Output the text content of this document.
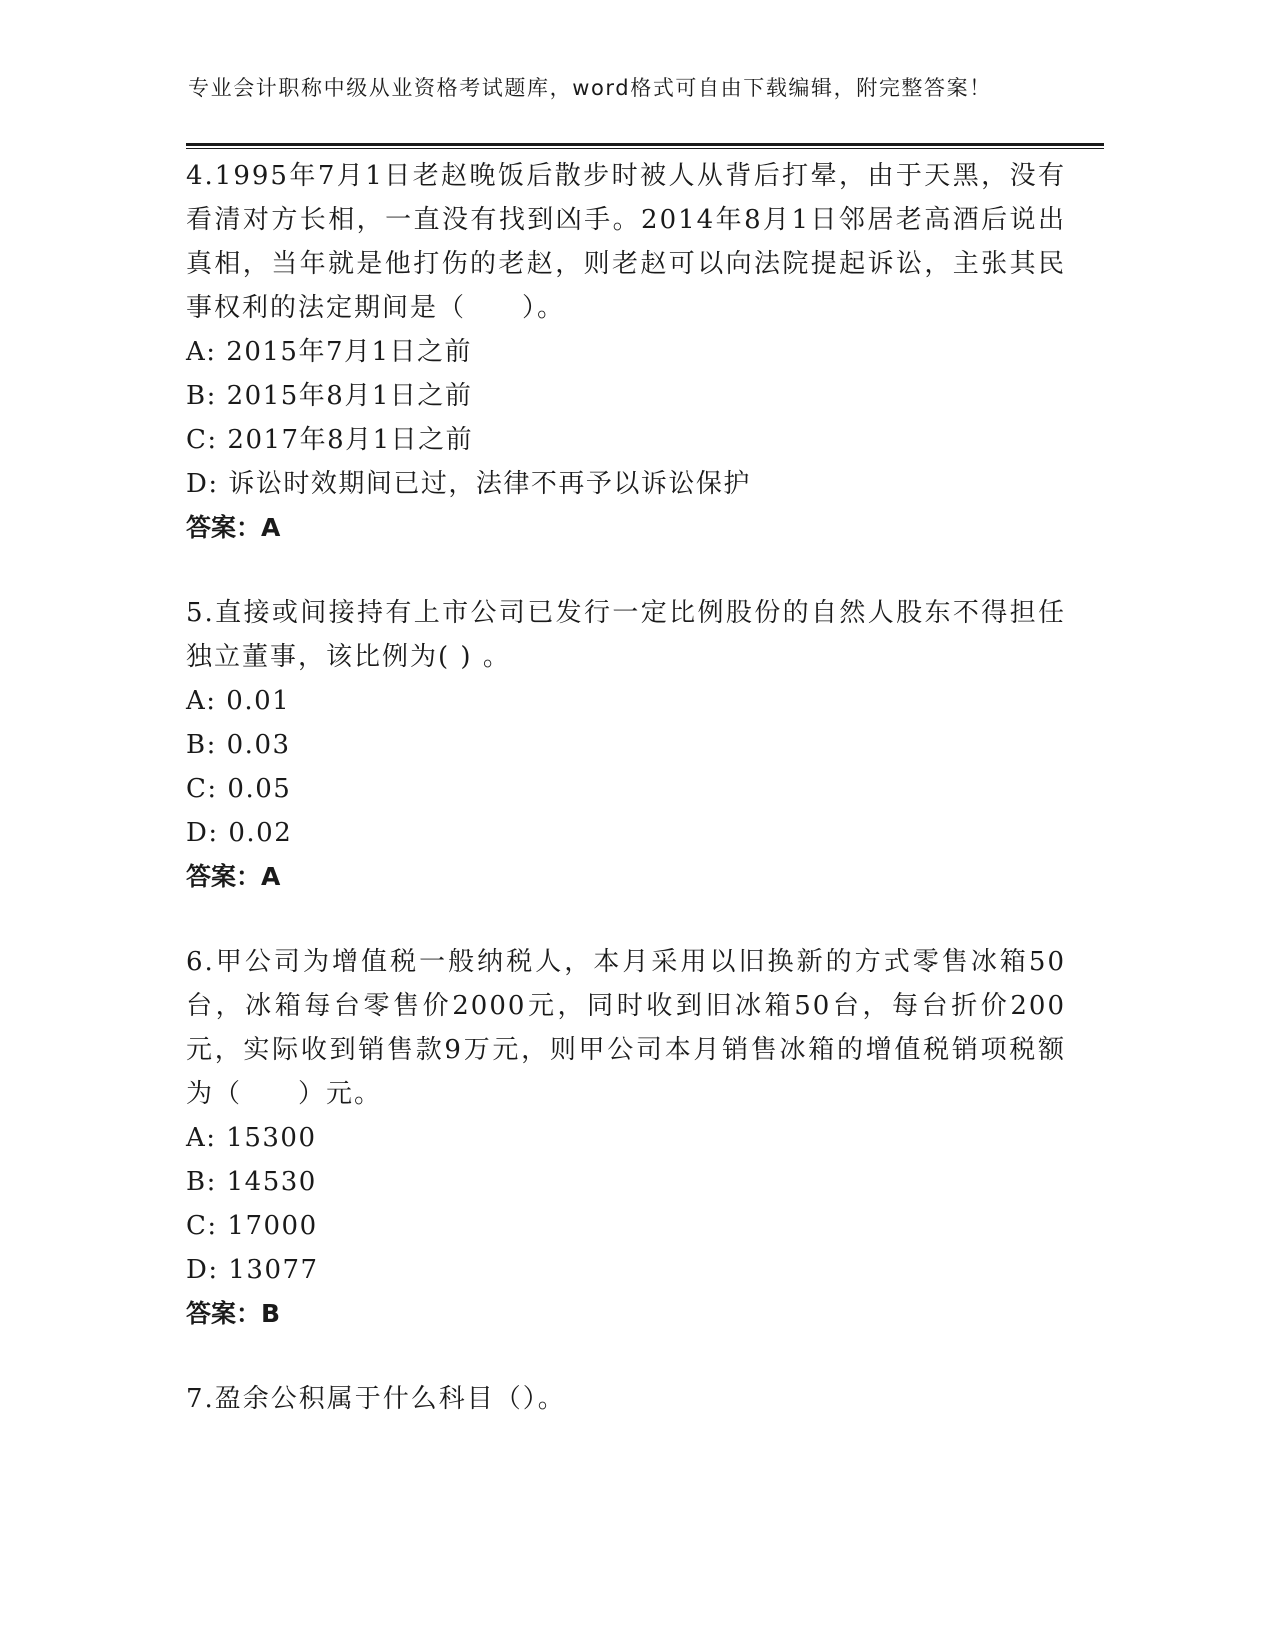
专业会计职称中级从业资格考试题库，word格式可自由下载编辑，附完整答案！

4.1995年7月1日老赵晚饭后散步时被人从背后打晕，由于天黑，没有看清对方长相，一直没有找到凶手。2014年8月1日邻居老高酒后说出真相，当年就是他打伤的老赵，则老赵可以向法院提起诉讼，主张其民事权利的法定期间是（　　）。

A: 2015年7月1日之前

B: 2015年8月1日之前

C: 2017年8月1日之前

D: 诉讼时效期间已过，法律不再予以诉讼保护

答案：A

5.直接或间接持有上市公司已发行一定比例股份的自然人股东不得担任独立董事，该比例为( ) 。

A: 0.01

B: 0.03

C: 0.05

D: 0.02

答案：A

6.甲公司为增值税一般纳税人，本月采用以旧换新的方式零售冰箱50台，冰箱每台零售价2000元，同时收到旧冰箱50台，每台折价200元，实际收到销售款9万元，则甲公司本月销售冰箱的增值税销项税额为（　　）元。

A: 15300

B: 14530

C: 17000

D: 13077

答案：B

7.盈余公积属于什么科目（）。
